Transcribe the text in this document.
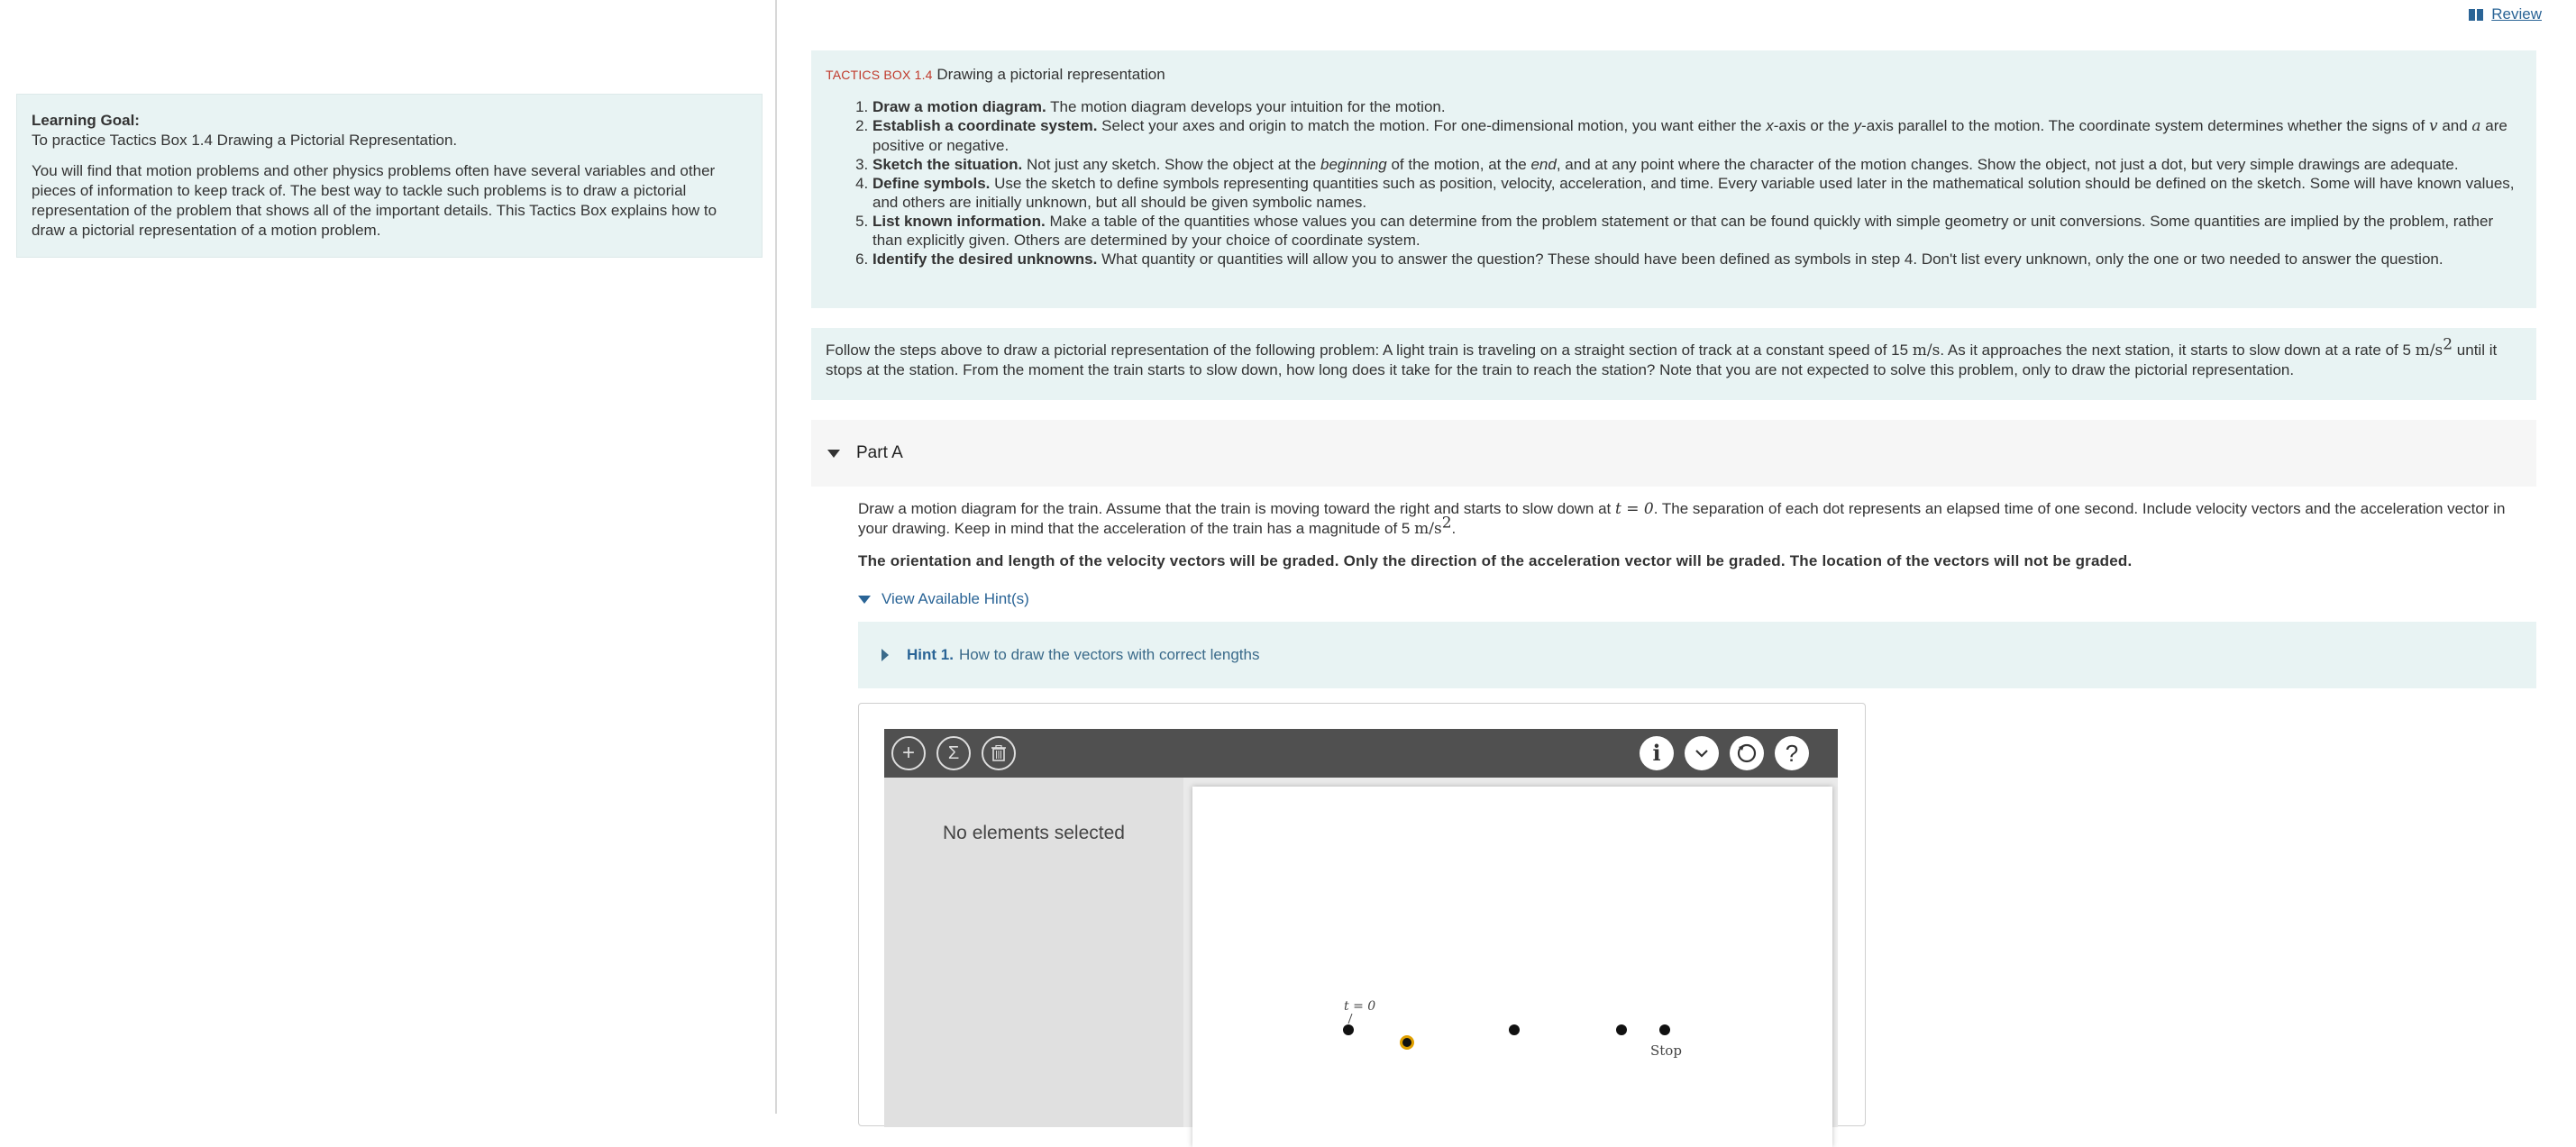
Learning Goal:

To practice Tactics Box 1.4 Drawing a Pictorial Representation.

You will find that motion problems and other physics problems often have several variables and other pieces of information to keep track of. The best way to tackle such problems is to draw a pictorial representation of the problem that shows all of the important details. This Tactics Box explains how to draw a pictorial representation of a motion problem.

Review
TACTICS BOX 1.4 Drawing a pictorial representation
1. Draw a motion diagram. The motion diagram develops your intuition for the motion.
2. Establish a coordinate system. Select your axes and origin to match the motion. For one-dimensional motion, you want either the x-axis or the y-axis parallel to the motion. The coordinate system determines whether the signs of v and a are positive or negative.
3. Sketch the situation. Not just any sketch. Show the object at the beginning of the motion, at the end, and at any point where the character of the motion changes. Show the object, not just a dot, but very simple drawings are adequate.
4. Define symbols. Use the sketch to define symbols representing quantities such as position, velocity, acceleration, and time. Every variable used later in the mathematical solution should be defined on the sketch. Some will have known values, and others are initially unknown, but all should be given symbolic names.
5. List known information. Make a table of the quantities whose values you can determine from the problem statement or that can be found quickly with simple geometry or unit conversions. Some quantities are implied by the problem, rather than explicitly given. Others are determined by your choice of coordinate system.
6. Identify the desired unknowns. What quantity or quantities will allow you to answer the question? These should have been defined as symbols in step 4. Don't list every unknown, only the one or two needed to answer the question.
Follow the steps above to draw a pictorial representation of the following problem: A light train is traveling on a straight section of track at a constant speed of 15 m/s. As it approaches the next station, it starts to slow down at a rate of 5 $m/s^2$ until it stops at the station. From the moment the train starts to slow down, how long does it take for the train to reach the station? Note that you are not expected to solve this problem, only to draw the pictorial representation.
Part A

Draw a motion diagram for the train. Assume that the train is moving toward the right and starts to slow down at t = 0. The separation of each dot represents an elapsed time of one second. Include velocity vectors and the acceleration vector in your drawing. Keep in mind that the acceleration of the train has a magnitude of 5 $m/s^2$.

The orientation and length of the velocity vectors will be graded. Only the direction of the acceleration vector will be graded. The location of the vectors will not be graded.

View Available Hint(s)
Hint 1. How to draw the vectors with correct lengths
+	Σ	i	?
No elements selected
t = 0
Stop
